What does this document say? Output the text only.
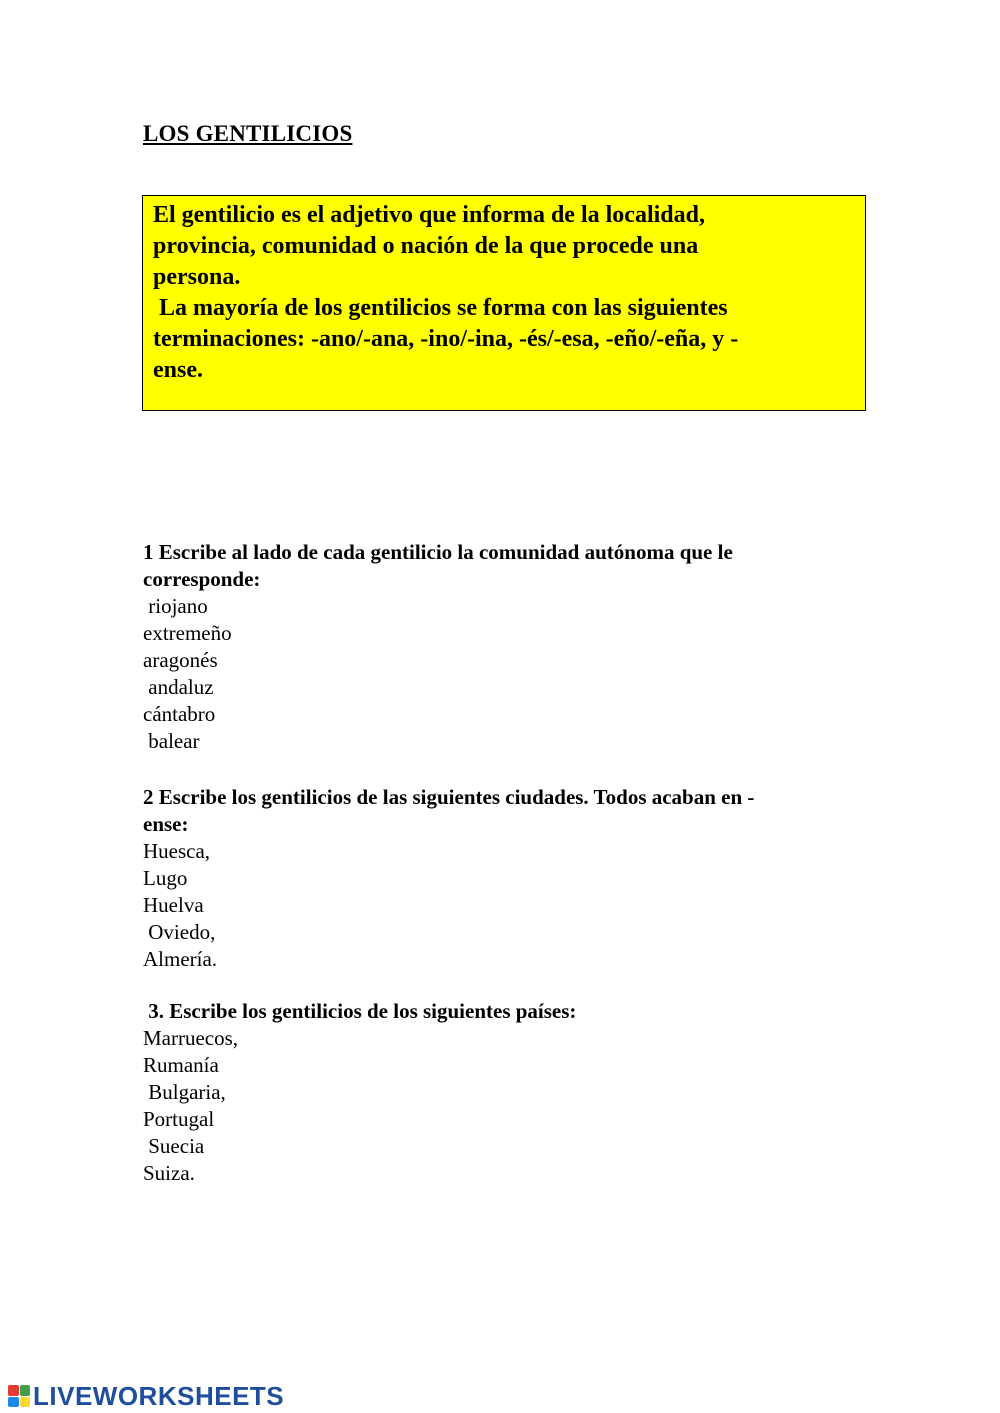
LOS GENTILICIOS
El gentilicio es el adjetivo que informa de la localidad,
provincia, comunidad o nación de la que procede una
persona.
La mayoría de los gentilicios se forma con las siguientes
terminaciones: -ano/-ana, -ino/-ina, -és/-esa, -eño/-eña, y -
ense.
1 Escribe al lado de cada gentilicio la comunidad autónoma que le
corresponde:
riojano
extremeño
aragonés
andaluz
cántabro
balear
2 Escribe los gentilicios de las siguientes ciudades. Todos acaban en -
ense:
Huesca,
Lugo
Huelva
Oviedo,
Almería.
3. Escribe los gentilicios de los siguientes países:
Marruecos,
Rumanía
Bulgaria,
Portugal
Suecia
Suiza.
LIVEWORKSHEETS
